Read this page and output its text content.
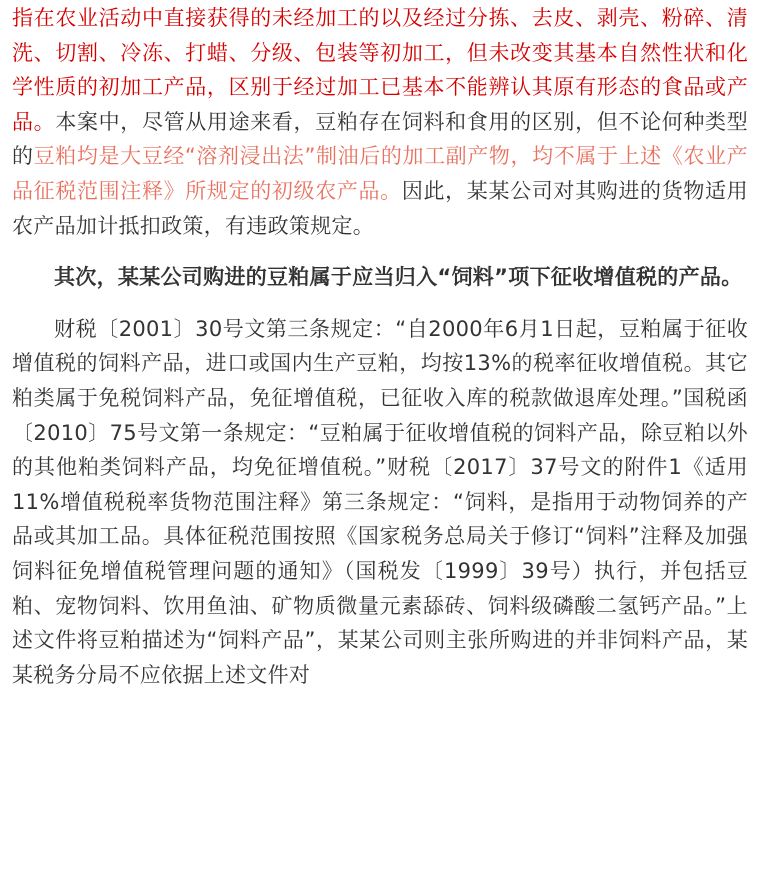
指在农业活动中直接获得的未经加工的以及经过分拣、去皮、剥壳、粉碎、清洗、切割、冷冻、打蜡、分级、包装等初加工，但未改变其基本自然性状和化学性质的初加工产品，区别于经过加工已基本不能辨认其原有形态的食品或产品。本案中，尽管从用途来看，豆粕存在饲料和食用的区别，但不论何种类型的豆粕均是大豆经“溶剂浸出法”制油后的加工副产物，均不属于上述《农业产品征税范围注释》所规定的初级农产品。因此，某某公司对其购进的货物适用农产品加计抵扣政策，有违政策规定。

其次，某某公司购进的豆粕属于应当归入“饲料”项下征收增值税的产品。

财税〔2001〕30号文第三条规定：“自2000年6月1日起，豆粕属于征收增值税的饲料产品，进口或国内生产豆粕，均按13%的税率征收增值税。其它粕类属于免税饲料产品，免征增值税，已征收入库的税款做退库处理。”国税函〔2010〕75号文第一条规定：“豆粕属于征收增值税的饲料产品，除豆粕以外的其他粕类饲料产品，均免征增值税。”财税〔2017〕37号文的附件1《适用11%增值税税率货物范围注释》第三条规定：“饲料，是指用于动物饲养的产品或其加工品。具体征税范围按照《国家税务总局关于修订“饲料”注释及加强饲料征免增值税管理问题的通知》（国税发〔1999〕39号）执行，并包括豆粕、宠物饲料、饮用鱼油、矿物质微量元素舔砖、饲料级磷酸二氢钙产品。”上述文件将豆粕描述为“饲料产品”，某某公司则主张所购进的并非饲料产品，某某税务分局不应依据上述文件对
